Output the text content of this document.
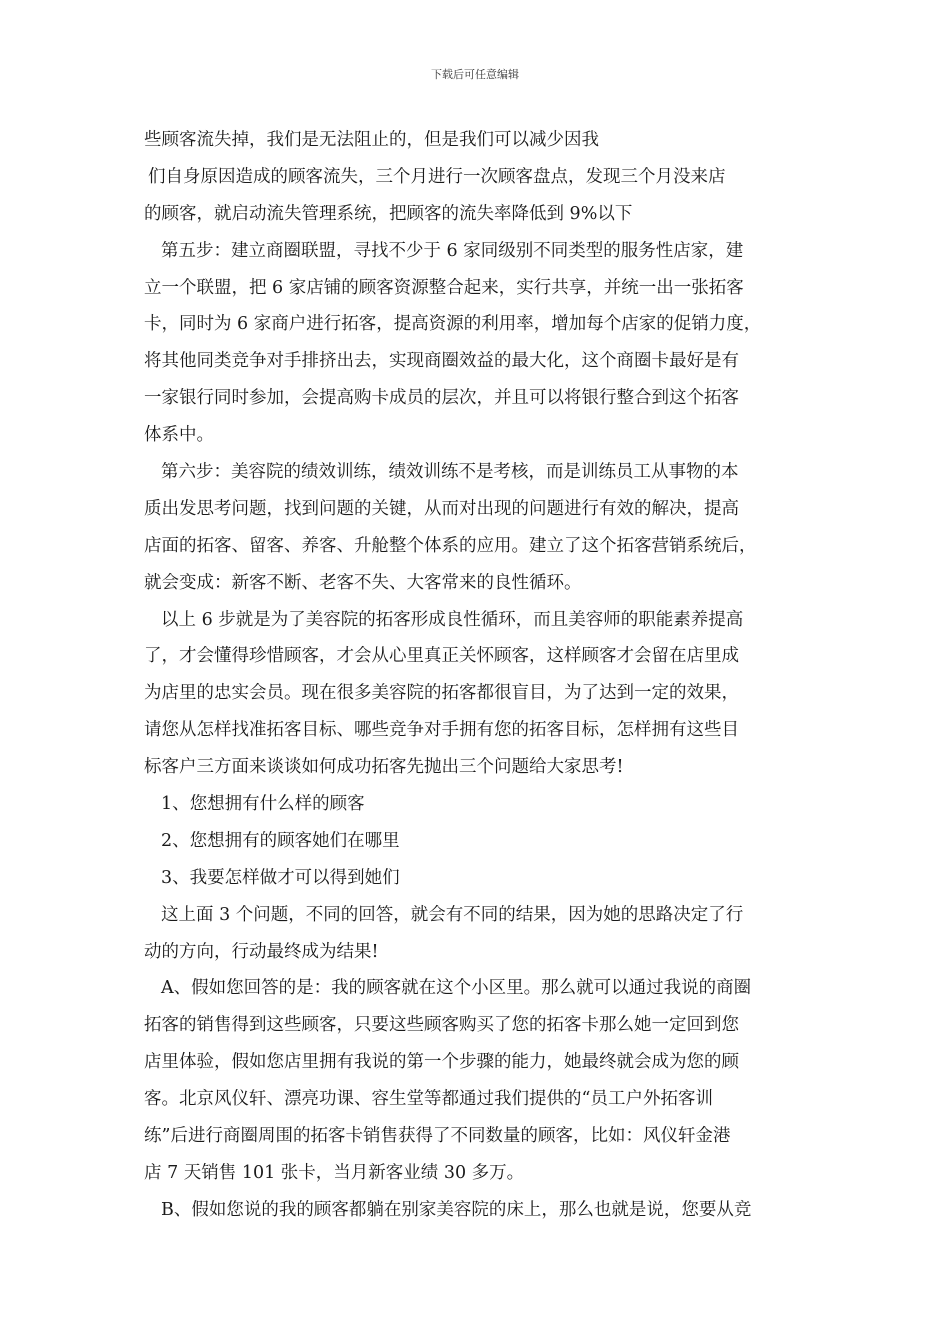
下载后可任意编辑
些顾客流失掉，我们是无法阻止的，但是我们可以减少因我
们自身原因造成的顾客流失，三个月进行一次顾客盘点，发现三个月没来店
的顾客，就启动流失管理系统，把顾客的流失率降低到 9%以下
第五步：建立商圈联盟，寻找不少于 6 家同级别不同类型的服务性店家，建
立一个联盟，把 6 家店铺的顾客资源整合起来，实行共享，并统一出一张拓客
卡，同时为 6 家商户进行拓客，提高资源的利用率，增加每个店家的促销力度，
将其他同类竞争对手排挤出去，实现商圈效益的最大化，这个商圈卡最好是有
一家银行同时参加，会提高购卡成员的层次，并且可以将银行整合到这个拓客
体系中。
第六步：美容院的绩效训练，绩效训练不是考核，而是训练员工从事物的本
质出发思考问题，找到问题的关键，从而对出现的问题进行有效的解决，提高
店面的拓客、留客、养客、升舱整个体系的应用。建立了这个拓客营销系统后，
就会变成：新客不断、老客不失、大客常来的良性循环。
以上 6 步就是为了美容院的拓客形成良性循环，而且美容师的职能素养提高
了，才会懂得珍惜顾客，才会从心里真正关怀顾客，这样顾客才会留在店里成
为店里的忠实会员。现在很多美容院的拓客都很盲目，为了达到一定的效果，
请您从怎样找准拓客目标、哪些竞争对手拥有您的拓客目标，怎样拥有这些目
标客户三方面来谈谈如何成功拓客先抛出三个问题给大家思考!
1、您想拥有什么样的顾客
2、您想拥有的顾客她们在哪里
3、我要怎样做才可以得到她们
这上面 3 个问题，不同的回答，就会有不同的结果，因为她的思路决定了行
动的方向，行动最终成为结果!
A、假如您回答的是：我的顾客就在这个小区里。那么就可以通过我说的商圈
拓客的销售得到这些顾客，只要这些顾客购买了您的拓客卡那么她一定回到您
店里体验，假如您店里拥有我说的第一个步骤的能力，她最终就会成为您的顾
客。北京风仪轩、漂亮功课、容生堂等都通过我们提供的“员工户外拓客训
练”后进行商圈周围的拓客卡销售获得了不同数量的顾客，比如：风仪轩金港
店 7 天销售 101 张卡，当月新客业绩 30 多万。
B、假如您说的我的顾客都躺在别家美容院的床上，那么也就是说，您要从竞
